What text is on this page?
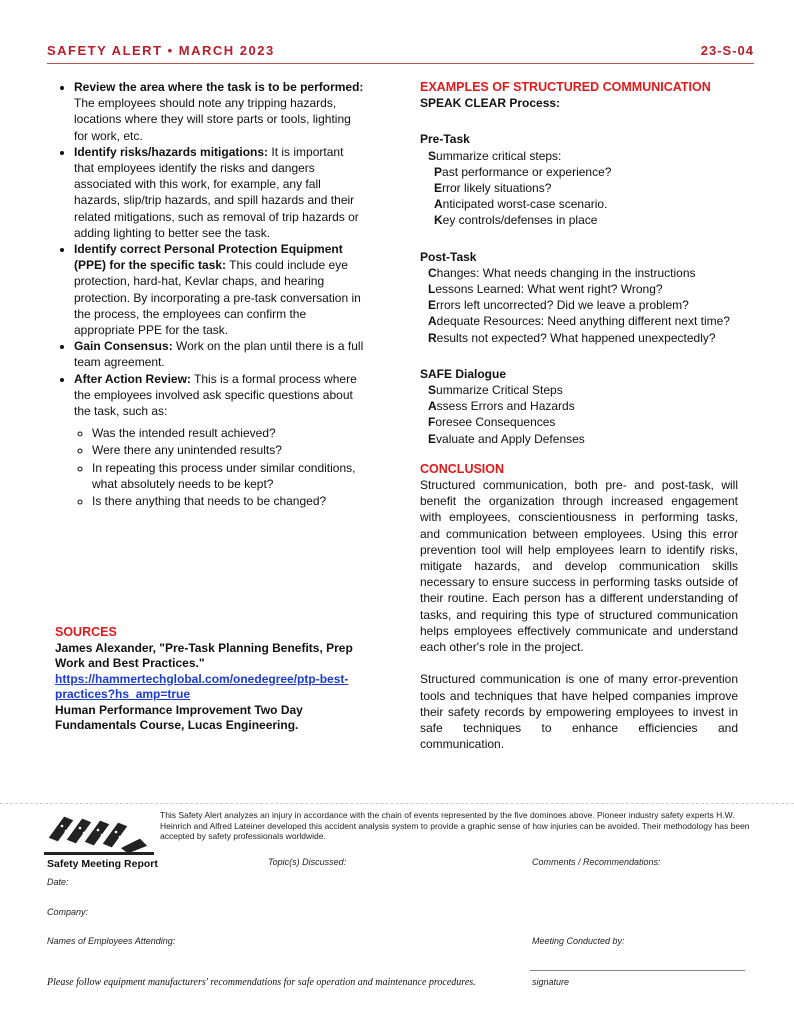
SAFETY ALERT • MARCH 2023	23-S-04
• Review the area where the task is to be performed: The employees should note any tripping hazards, locations where they will store parts or tools, lighting for work, etc.
• Identify risks/hazards mitigations: It is important that employees identify the risks and dangers associated with this work, for example, any fall hazards, slip/trip hazards, and spill hazards and their related mitigations, such as removal of trip hazards or adding lighting to better see the task.
• Identify correct Personal Protection Equipment (PPE) for the specific task: This could include eye protection, hard-hat, Kevlar chaps, and hearing protection. By incorporating a pre-task conversation in the process, the employees can confirm the appropriate PPE for the task.
• Gain Consensus: Work on the plan until there is a full team agreement.
• After Action Review: This is a formal process where the employees involved ask specific questions about the task, such as:
◦ Was the intended result achieved?
◦ Were there any unintended results?
◦ In repeating this process under similar conditions, what absolutely needs to be kept?
◦ Is there anything that needs to be changed?
SOURCES
James Alexander, "Pre-Task Planning Benefits, Prep Work and Best Practices."
https://hammertechglobal.com/onedegree/ptp-best-practices?hs_amp=true
Human Performance Improvement Two Day Fundamentals Course, Lucas Engineering.
EXAMPLES OF STRUCTURED COMMUNICATION
SPEAK CLEAR Process:
Pre-Task
Summarize critical steps:
Past performance or experience?
Error likely situations?
Anticipated worst-case scenario.
Key controls/defenses in place
Post-Task
Changes: What needs changing in the instructions
Lessons Learned: What went right? Wrong?
Errors left uncorrected? Did we leave a problem?
Adequate Resources: Need anything different next time?
Results not expected? What happened unexpectedly?
SAFE Dialogue
Summarize Critical Steps
Assess Errors and Hazards
Foresee Consequences
Evaluate and Apply Defenses
CONCLUSION
Structured communication, both pre- and post-task, will benefit the organization through increased engagement with employees, conscientiousness in performing tasks, and communication between employees. Using this error prevention tool will help employees learn to identify risks, mitigate hazards, and develop communication skills necessary to ensure success in performing tasks outside of their routine. Each person has a different understanding of tasks, and requiring this type of structured communication helps employees effectively communicate and understand each other's role in the project.
Structured communication is one of many error-prevention tools and techniques that have helped companies improve their safety records by empowering employees to invest in safe techniques to enhance efficiencies and communication.
This Safety Alert analyzes an injury in accordance with the chain of events represented by the five dominoes above. Pioneer industry safety experts H.W. Heinrich and Alfred Lateiner developed this accident analysis system to provide a graphic sense of how injuries can be avoided. Their methodology has been accepted by safety professionals worldwide.
Safety Meeting Report	Topic(s) Discussed:	Comments / Recommendations:
Date:
Company:
Names of Employees Attending:	Meeting Conducted by:
signature
Please follow equipment manufacturers' recommendations for safe operation and maintenance procedures.
